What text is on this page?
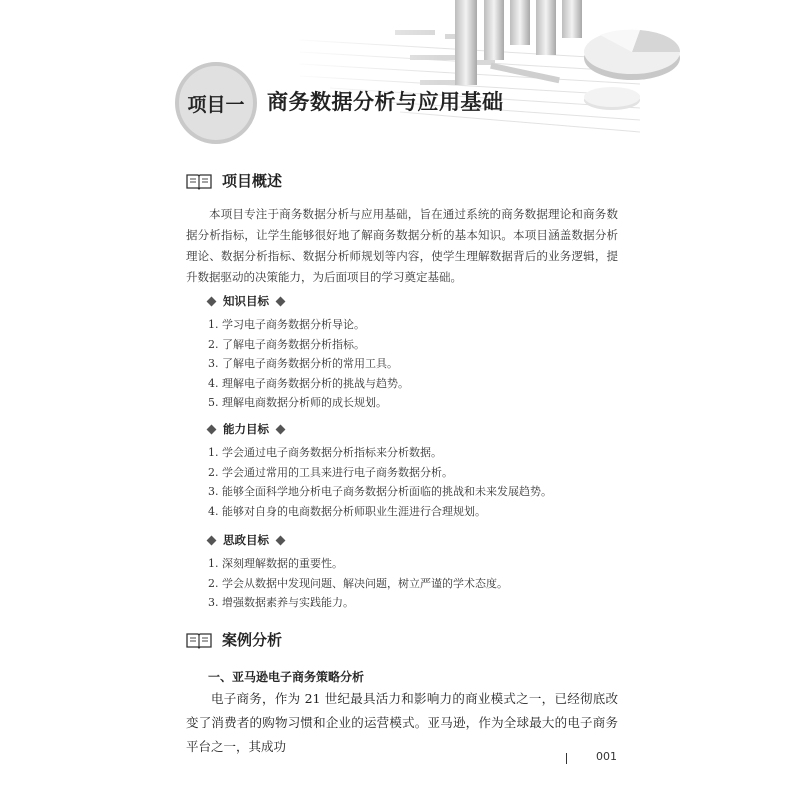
项目一 商务数据分析与应用基础
项目概述
本项目专注于商务数据分析与应用基础，旨在通过系统的商务数据理论和商务数据分析指标，让学生能够很好地了解商务数据分析的基本知识。本项目涵盖数据分析理论、数据分析指标、数据分析师规划等内容，使学生理解数据背后的业务逻辑，提升数据驱动的决策能力，为后面项目的学习奠定基础。
知识目标
1. 学习电子商务数据分析导论。
2. 了解电子商务数据分析指标。
3. 了解电子商务数据分析的常用工具。
4. 理解电子商务数据分析的挑战与趋势。
5. 理解电商数据分析师的成长规划。
能力目标
1. 学会通过电子商务数据分析指标来分析数据。
2. 学会通过常用的工具来进行电子商务数据分析。
3. 能够全面科学地分析电子商务数据分析面临的挑战和未来发展趋势。
4. 能够对自身的电商数据分析师职业生涯进行合理规划。
思政目标
1. 深刻理解数据的重要性。
2. 学会从数据中发现问题、解决问题，树立严谨的学术态度。
3. 增强数据素养与实践能力。
案例分析
一、亚马逊电子商务策略分析
电子商务，作为 21 世纪最具活力和影响力的商业模式之一，已经彻底改变了消费者的购物习惯和企业的运营模式。亚马逊，作为全球最大的电子商务平台之一，其成功
001
